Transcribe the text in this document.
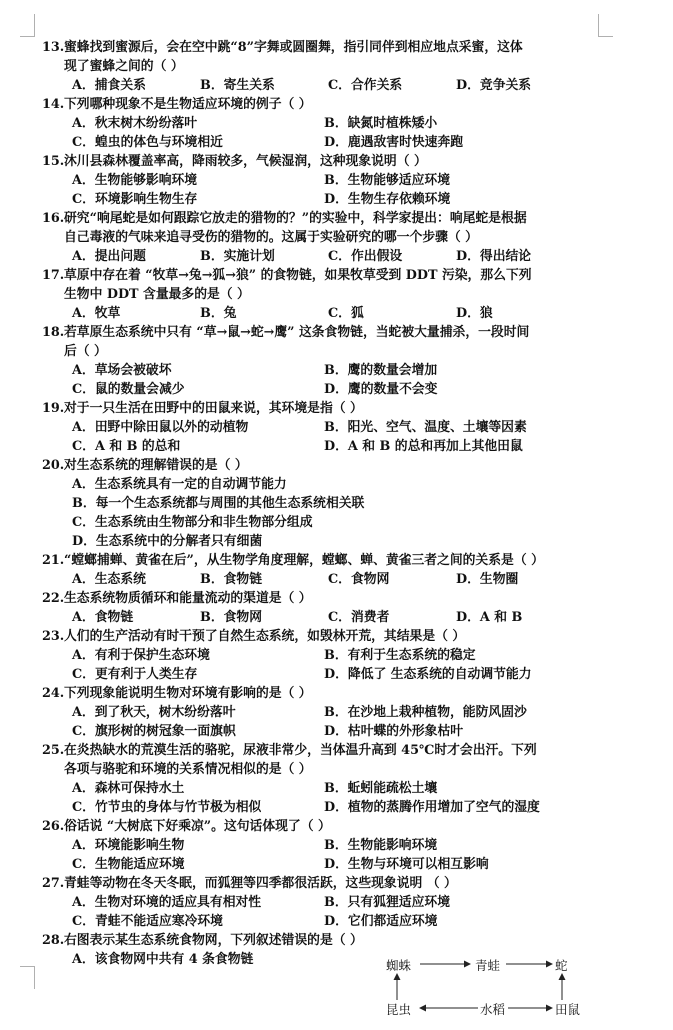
13.蜜蜂找到蜜源后，会在空中跳“8”字舞或圆圈舞，指引同伴到相应地点采蜜，这体
现了蜜蜂之间的（ ）
A．捕食关系	B．寄生关系	C．合作关系	D．竞争关系
14.下列哪种现象不是生物适应环境的例子（ ）
A．秋末树木纷纷落叶	B．缺氮时植株矮小
C．蝗虫的体色与环境相近	D．鹿遇敌害时快速奔跑
15.沐川县森林覆盖率高，降雨较多，气候湿润，这种现象说明（ ）
A．生物能够影响环境	B．生物能够适应环境
C．环境影响生物生存	D．生物生存依赖环境
16.研究“响尾蛇是如何跟踪它放走的猎物的？”的实验中，科学家提出：响尾蛇是根据
自己毒液的气味来追寻受伤的猎物的。这属于实验研究的哪一个步骤（ ）
A．提出问题	B．实施计划	C．作出假设	D．得出结论
17.草原中存在着 “牧草→兔→狐→狼” 的食物链，如果牧草受到 DDT 污染，那么下列
生物中 DDT 含量最多的是（ ）
A．牧草	B．兔	C．狐	D．狼
18.若草原生态系统中只有 “草→鼠→蛇→鹰” 这条食物链，当蛇被大量捕杀，一段时间
后（ ）
A．草场会被破坏	B．鹰的数量会增加
C．鼠的数量会减少	D．鹰的数量不会变
19.对于一只生活在田野中的田鼠来说，其环境是指（ ）
A．田野中除田鼠以外的动植物	B．阳光、空气、温度、土壤等因素
C．A 和 B 的总和	D．A 和 B 的总和再加上其他田鼠
20.对生态系统的理解错误的是（ ）
A．生态系统具有一定的自动调节能力
B．每一个生态系统都与周围的其他生态系统相关联
C．生态系统由生物部分和非生物部分组成
D．生态系统中的分解者只有细菌
21.“螳螂捕蝉、黄雀在后”，从生物学角度理解，螳螂、蝉、黄雀三者之间的关系是（ ）
A．生态系统	B．食物链	C．食物网	D．生物圈
22.生态系统物质循环和能量流动的渠道是（ ）
A．食物链	B．食物网	C．消费者	D．A 和 B
23.人们的生产活动有时干预了自然生态系统，如毁林开荒，其结果是（ ）
A．有利于保护生态环境	B．有利于生态系统的稳定
C．更有利于人类生存	D．降低了 生态系统的自动调节能力
24.下列现象能说明生物对环境有影响的是（ ）
A．到了秋天，树木纷纷落叶	B．在沙地上栽种植物，能防风固沙
C．旗形树的树冠象一面旗帜	D．枯叶蝶的外形象枯叶
25.在炎热缺水的荒漠生活的骆驼，尿液非常少，当体温升高到 45℃时才会出汗。下列
各项与骆驼和环境的关系情况相似的是（ ）
A．森林可保持水土	B．蚯蚓能疏松土壤
C．竹节虫的身体与竹节极为相似	D．植物的蒸腾作用增加了空气的湿度
26.俗话说 “大树底下好乘凉”。这句话体现了（ ）
A．环境能影响生物	B．生物能影响环境
C．生物能适应环境	D．生物与环境可以相互影响
27.青蛙等动物在冬天冬眠，而狐狸等四季都很活跃，这些现象说明 （ ）
A．生物对环境的适应具有相对性	B．只有狐狸适应环境
C．青蛙不能适应寒冷环境	D．它们都适应环境
28.右图表示某生态系统食物网，下列叙述错误的是（ ）
A．该食物网中共有 4 条食物链	蜘蛛	青蛙	蛇
昆虫	水稻	田鼠
